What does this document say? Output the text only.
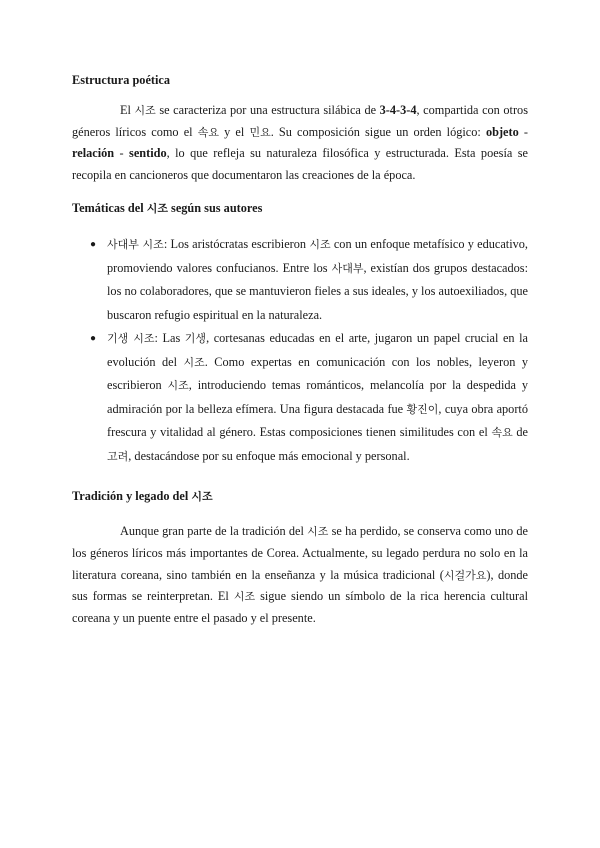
Estructura poética

El 시조 se caracteriza por una estructura silábica de 3-4-3-4, compartida con otros géneros líricos como el 속요 y el 민요. Su composición sigue un orden lógico: objeto - relación - sentido, lo que refleja su naturaleza filosófica y estructurada. Esta poesía se recopila en cancioneros que documentaron las creaciones de la época.

Temáticas del 시조 según sus autores
● 사대부 시조: Los aristócratas escribieron 시조 con un enfoque metafísico y educativo, promoviendo valores confucianos. Entre los 사대부, existían dos grupos destacados: los no colaboradores, que se mantuvieron fieles a sus ideales, y los autoexiliados, que buscaron refugio espiritual en la naturaleza.
● 기생 시조: Las 기생, cortesanas educadas en el arte, jugaron un papel crucial en la evolución del 시조. Como expertas en comunicación con los nobles, leyeron y escribieron 시조, introduciendo temas románticos, melancolía por la despedida y admiración por la belleza efímera. Una figura destacada fue 황진이, cuya obra aportó frescura y vitalidad al género. Estas composiciones tienen similitudes con el 속요 de 고려, destacándose por su enfoque más emocional y personal.
Tradición y legado del 시조

Aunque gran parte de la tradición del 시조 se ha perdido, se conserva como uno de los géneros líricos más importantes de Corea. Actualmente, su legado perdura no solo en la literatura coreana, sino también en la enseñanza y la música tradicional (시걸가요), donde sus formas se reinterpretan. El 시조 sigue siendo un símbolo de la rica herencia cultural coreana y un puente entre el pasado y el presente.
